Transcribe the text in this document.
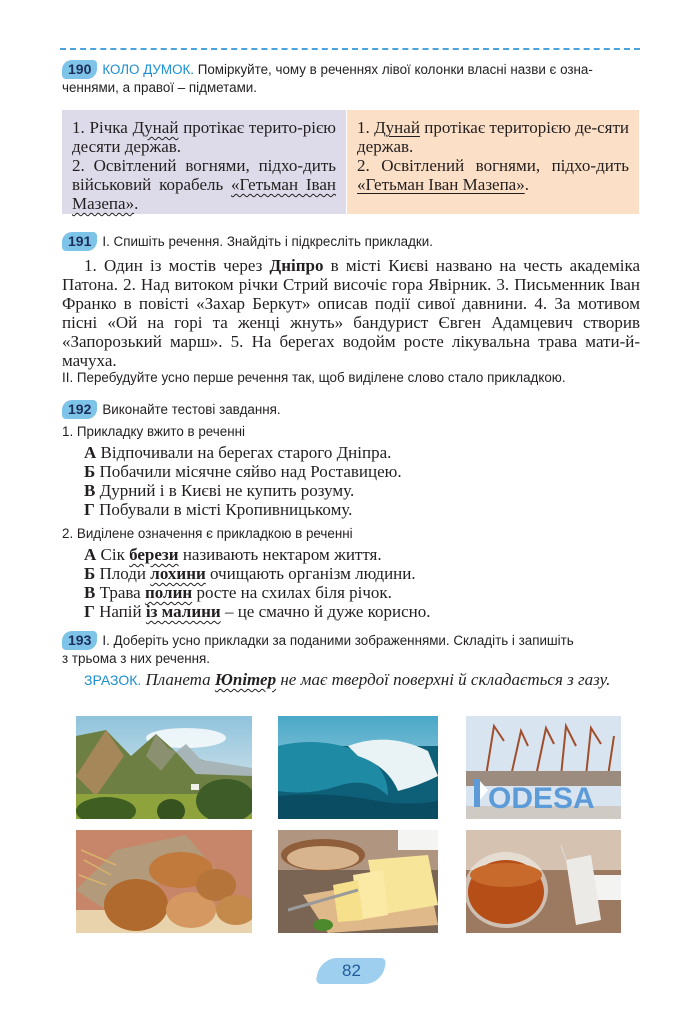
190 КОЛО ДУМОК. Поміркуйте, чому в реченнях лівої колонки власні назви є озна-
ченнями, а правої – підметами.
1. Річка Дунай протікає терито-рією десяти держав.
2. Освітлений вогнями, підхо-дить військовий корабель «Гетьман Іван Мазепа».
1. Дунай протікає територією де-сяти держав.
2. Освітлений вогнями, підхо-дить «Гетьман Іван Мазепа».
191 I. Спишіть речення. Знайдіть і підкресліть прикладки.
1. Один із мостів через Дніпро в місті Києві названо на честь академіка Патона. 2. Над витоком річки Стрий височіє гора Явірник. 3. Письменник Іван Франко в повісті «Захар Беркут» описав події сивої давнини. 4. За мотивом пісні «Ой на горі та женці жнуть» бандурист Євген Адамцевич створив «Запорозький марш». 5. На берегах водойм росте лікувальна трава мати-й-мачуха.
II. Перебудуйте усно перше речення так, щоб виділене слово стало прикладкою.
192 Виконайте тестові завдання.
1. Прикладку вжито в реченні
А Відпочивали на берегах старого Дніпра.
Б Побачили місячне сяйво над Роставицею.
В Дурний і в Києві не купить розуму.
Г Побували в місті Кропивницькому.
2. Виділене означення є прикладкою в реченні
А Сік берези називають нектаром життя.
Б Плоди лохини очищають організм людини.
В Трава полин росте на схилах біля річок.
Г Напій із малини – це смачно й дуже корисно.
193 I. Доберіть усно прикладки за поданими зображеннями. Складіть і запишіть
з трьома з них речення.
ЗРАЗОК. Планета Юпітер не має твердої поверхні й складається з газу.
ODESA
82
